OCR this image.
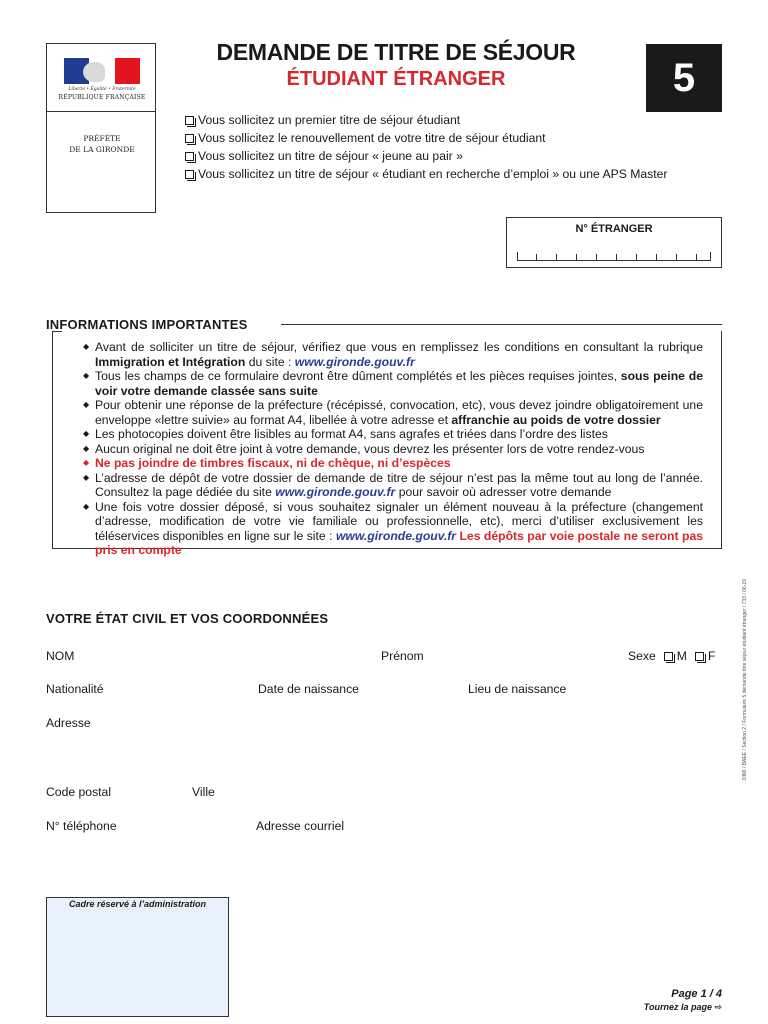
Liberté • Égalité • Fraternité
RÉPUBLIQUE FRANÇAISE
PRÉFÈTE
DE LA GIRONDE
DEMANDE DE TITRE DE SÉJOUR
ÉTUDIANT ÉTRANGER	5
Vous sollicitez un premier titre de séjour étudiant
Vous sollicitez le renouvellement de votre titre de séjour étudiant
Vous sollicitez un titre de séjour « jeune au pair »
Vous sollicitez un titre de séjour « étudiant en recherche d’emploi » ou une APS Master
N° ÉTRANGER
INFORMATIONS IMPORTANTES
◆ Avant de solliciter un titre de séjour, vérifiez que vous en remplissez les conditions en consultant la rubrique Immigration et Intégration du site : www.gironde.gouv.fr
◆ Tous les champs de ce formulaire devront être dûment complétés et les pièces requises jointes, sous peine de voir votre demande classée sans suite
◆ Pour obtenir une réponse de la préfecture (récépissé, convocation, etc), vous devez joindre obligatoirement une enveloppe «lettre suivie» au format A4, libellée à votre adresse et affranchie au poids de votre dossier
◆ Les photocopies doivent être lisibles au format A4, sans agrafes et triées dans l’ordre des listes
◆ Aucun original ne doit être joint à votre demande, vous devrez les présenter lors de votre rendez-vous
◆ Ne pas joindre de timbres fiscaux, ni de chèque, ni d’espèces
◆ L’adresse de dépôt de votre dossier de demande de titre de séjour n’est pas la même tout au long de l’année. Consultez la page dédiée du site www.gironde.gouv.fr pour savoir où adresser votre demande
◆ Une fois votre dossier déposé, si vous souhaitez signaler un élément nouveau à la préfecture (changement d’adresse, modification de votre vie familiale ou professionnelle, etc), merci d’utiliser exclusivement les téléservices disponibles en ligne sur le site : www.gironde.gouv.fr Les dépôts par voie postale ne seront pas pris en compte
VOTRE ÉTAT CIVIL ET VOS COORDONNÉES
NOM	Prénom	Sexe M F
Nationalité	Date de naissance	Lieu de naissance
Adresse
Code postal	Ville
N° téléphone	Adresse courriel
Cadre réservé à l’administration
Page 1 / 4
Tournez la page ⇨
DIMI / BAEE / Section 2 / Formulaire 5 demande titre séjour étudiant étranger / 733 / 06-19
